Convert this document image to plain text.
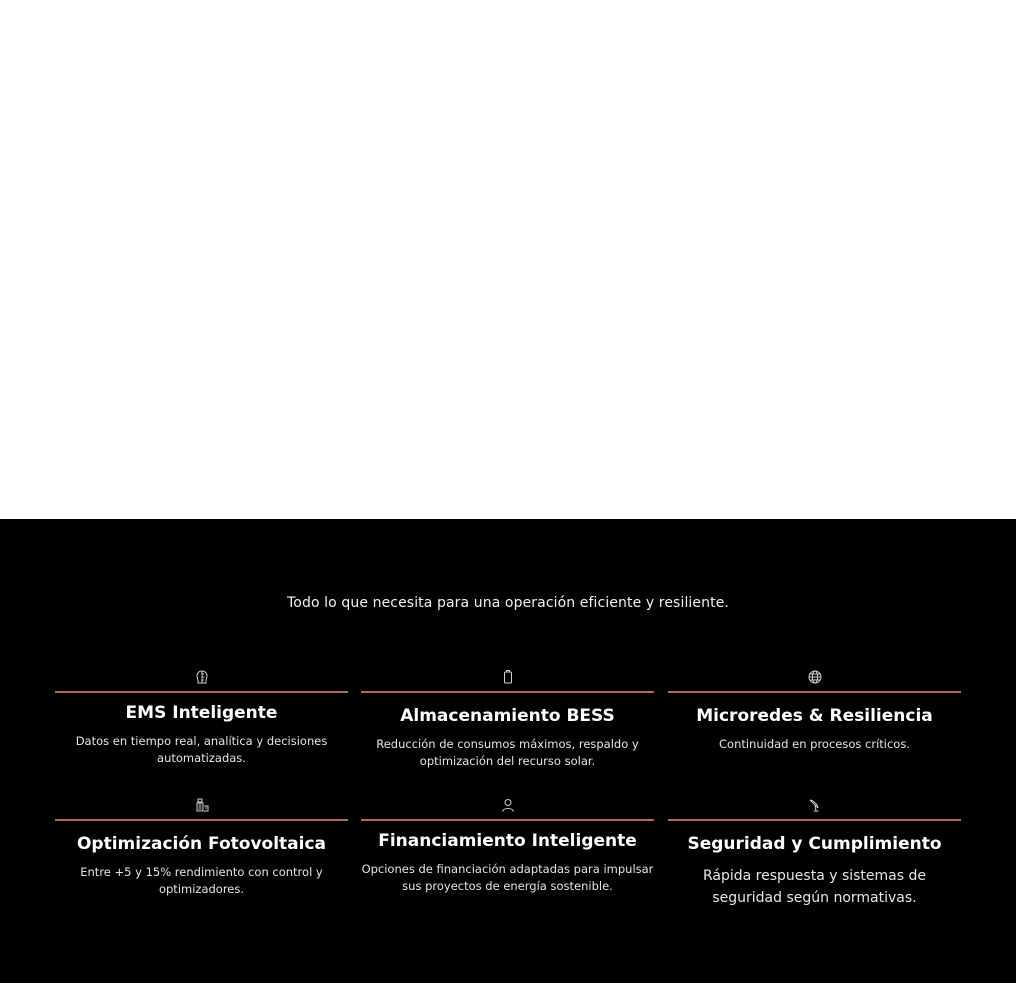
Todo lo que necesita para una operación eficiente y resiliente.

EMS Inteligente

Datos en tiempo real, analítica y decisiones automatizadas.

Almacenamiento BESS

Reducción de consumos máximos, respaldo y optimización del recurso solar.

Microredes & Resiliencia

Continuidad en procesos críticos.

Optimización Fotovoltaica

Entre +5 y 15% rendimiento con control y optimizadores.

Financiamiento Inteligente

Opciones de financiación adaptadas para impulsar sus proyectos de energía sostenible.

Seguridad y Cumplimiento

Rápida respuesta y sistemas de seguridad según normativas.
